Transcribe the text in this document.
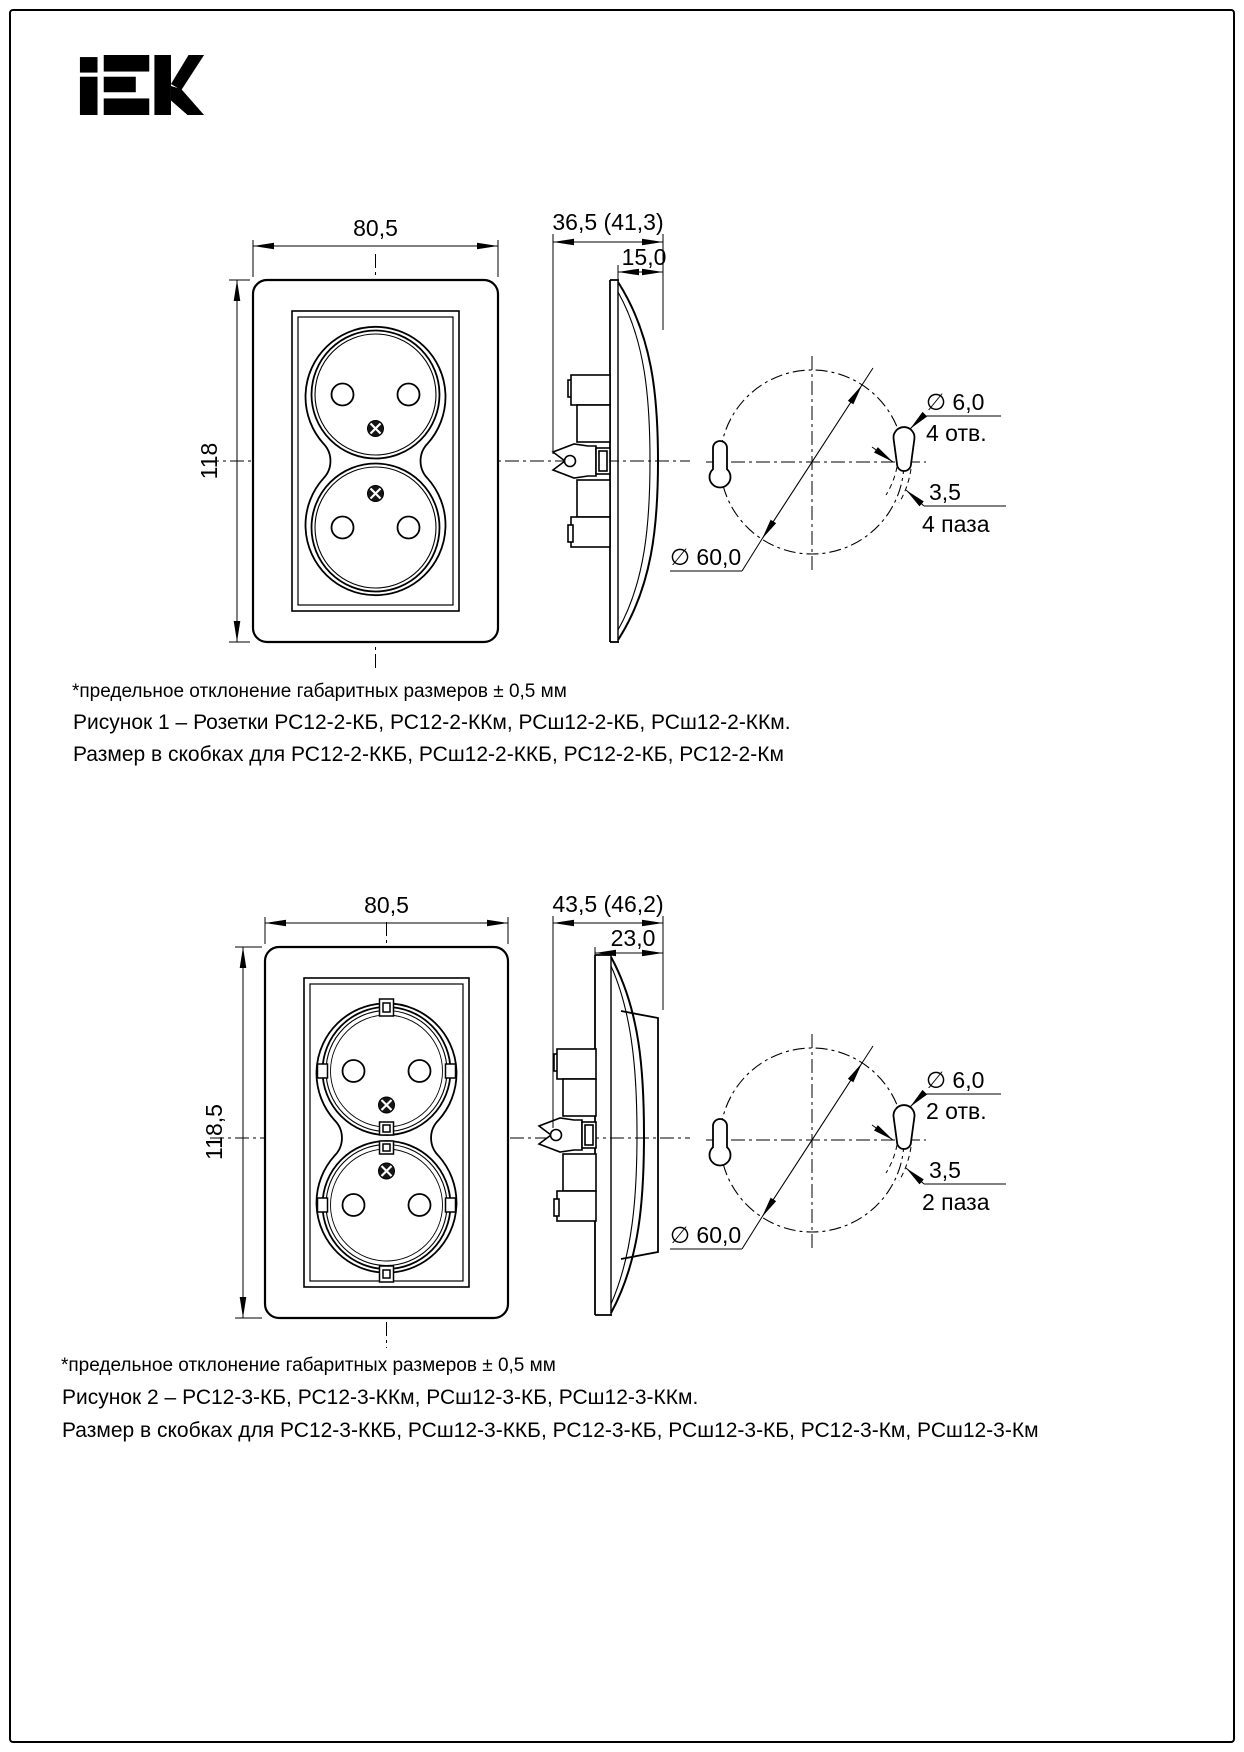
80,5
118
36,5 (41,3)
15,0
∅ 60,0
∅ 6,0
4 отв.
3,5
4 паза
*предельное отклонение габаритных размеров ± 0,5 мм
Рисунок 1 – Розетки РС12-2-КБ, РС12-2-ККм, РСш12-2-КБ, РСш12-2-ККм.
Размер в скобках для РС12-2-ККБ, РСш12-2-ККБ, РС12-2-КБ, РС12-2-Км
80,5
118,5
43,5 (46,2)
23,0
∅ 60,0
∅ 6,0
2 отв.
3,5
2 паза
*предельное отклонение габаритных размеров ± 0,5 мм
Рисунок 2 – РС12-3-КБ, РС12-3-ККм, РСш12-3-КБ, РСш12-3-ККм.
Размер в скобках для РС12-3-ККБ, РСш12-3-ККБ, РС12-3-КБ, РСш12-3-КБ, РС12-3-Км, РСш12-3-Км
